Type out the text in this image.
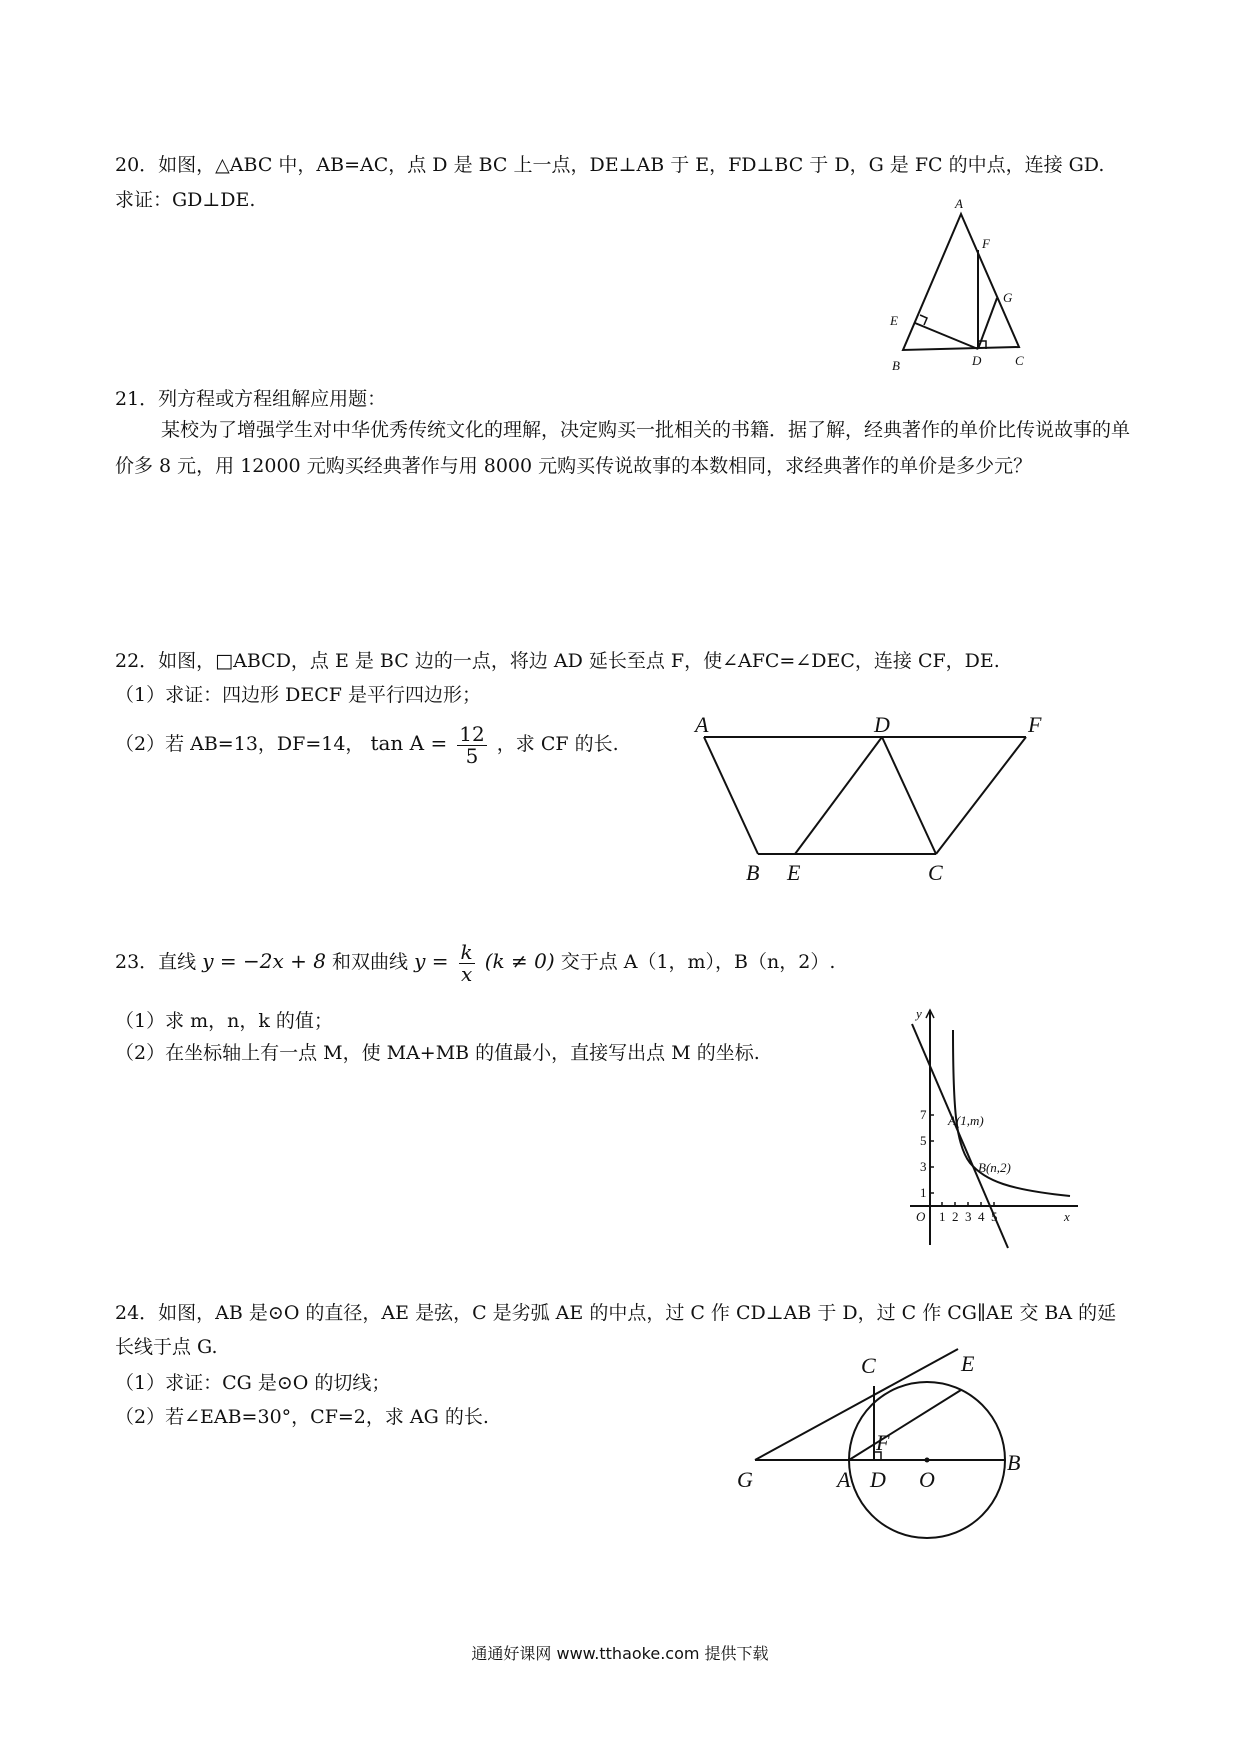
20．如图，△ABC 中，AB=AC，点 D 是 BC 上一点，DE⊥AB 于 E，FD⊥BC 于 D，G 是 FC 的中点，连接 GD.
求证：GD⊥DE.	A
F
G
E
B	D	C
21．列方程或方程组解应用题：
某校为了增强学生对中华优秀传统文化的理解，决定购买一批相关的书籍．据了解，经典著作的单价比传说故事的单价多 8 元，用 12000 元购买经典著作与用 8000 元购买传说故事的本数相同，求经典著作的单价是多少元？
22．如图，□ABCD，点 E 是 BC 边的一点，将边 AD 延长至点 F，使∠AFC=∠DEC，连接 CF，DE.
（1）求证：四边形 DECF 是平行四边形；
（2）若 AB=13，DF=14， $\tan A = \frac{12}{5}$ ，求 CF 的长.
A	D	F
B E	C
23．直线 y = −2x + 8 和双曲线 $y = \frac{k}{x} (k \ne 0)$ 交于点 A（1，m），B（n，2）.
（1）求 m，n，k 的值；
（2）在坐标轴上有一点 M，使 MA+MB 的值最小，直接写出点 M 的坐标.
y
x
O
A(1,m)
B(n,2)
1 2 3 4 5
1
3
5
7
24．如图，AB 是⊙O 的直径，AE 是弦，C 是劣弧 AE 的中点，过 C 作 CD⊥AB 于 D，过 C 作 CG∥AE 交 BA 的延
长线于点 G.
（1）求证：CG 是⊙O 的切线；
（2）若∠EAB=30°，CF=2，求 AG 的长.
C	E
F
G	A D O
B
通通好课网 www.tthaoke.com 提供下载
